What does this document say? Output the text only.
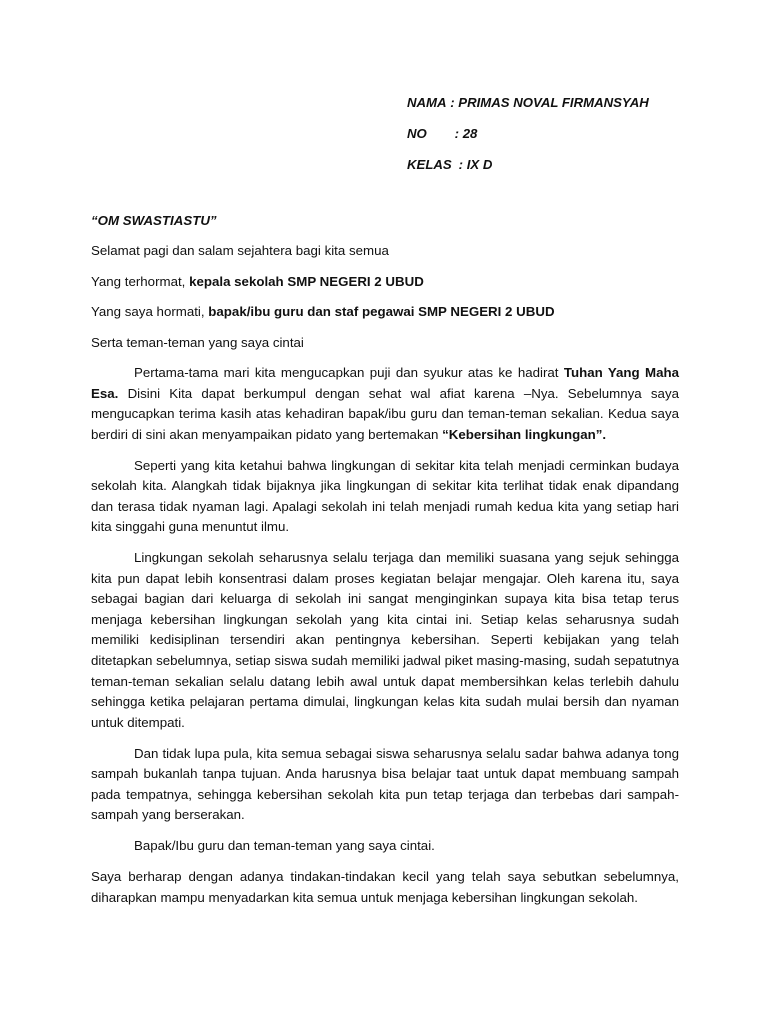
NAMA : PRIMAS NOVAL FIRMANSYAH
NO : 28
KELAS : IX D

“OM SWASTIASTU”

Selamat pagi dan salam sejahtera bagi kita semua

Yang terhormat, kepala sekolah SMP NEGERI 2 UBUD

Yang saya hormati, bapak/ibu guru dan staf pegawai SMP NEGERI 2 UBUD

Serta teman-teman yang saya cintai

Pertama-tama mari kita mengucapkan puji dan syukur atas ke hadirat Tuhan Yang Maha Esa. Disini Kita dapat berkumpul dengan sehat wal afiat karena –Nya. Sebelumnya saya mengucapkan terima kasih atas kehadiran bapak/ibu guru dan teman-teman sekalian. Kedua saya berdiri di sini akan menyampaikan pidato yang bertemakan “Kebersihan lingkungan”.

Seperti yang kita ketahui bahwa lingkungan di sekitar kita telah menjadi cerminkan budaya sekolah kita. Alangkah tidak bijaknya jika lingkungan di sekitar kita terlihat tidak enak dipandang dan terasa tidak nyaman lagi. Apalagi sekolah ini telah menjadi rumah kedua kita yang setiap hari kita singgahi guna menuntut ilmu.

Lingkungan sekolah seharusnya selalu terjaga dan memiliki suasana yang sejuk sehingga kita pun dapat lebih konsentrasi dalam proses kegiatan belajar mengajar. Oleh karena itu, saya sebagai bagian dari keluarga di sekolah ini sangat menginginkan supaya kita bisa tetap terus menjaga kebersihan lingkungan sekolah yang kita cintai ini. Setiap kelas seharusnya sudah memiliki kedisiplinan tersendiri akan pentingnya kebersihan. Seperti kebijakan yang telah ditetapkan sebelumnya, setiap siswa sudah memiliki jadwal piket masing-masing, sudah sepatutnya teman-teman sekalian selalu datang lebih awal untuk dapat membersihkan kelas terlebih dahulu sehingga ketika pelajaran pertama dimulai, lingkungan kelas kita sudah mulai bersih dan nyaman untuk ditempati.

Dan tidak lupa pula, kita semua sebagai siswa seharusnya selalu sadar bahwa adanya tong sampah bukanlah tanpa tujuan. Anda harusnya bisa belajar taat untuk dapat membuang sampah pada tempatnya, sehingga kebersihan sekolah kita pun tetap terjaga dan terbebas dari sampah-sampah yang berserakan.

Bapak/Ibu guru dan teman-teman yang saya cintai.

Saya berharap dengan adanya tindakan-tindakan kecil yang telah saya sebutkan sebelumnya, diharapkan mampu menyadarkan kita semua untuk menjaga kebersihan lingkungan sekolah.
